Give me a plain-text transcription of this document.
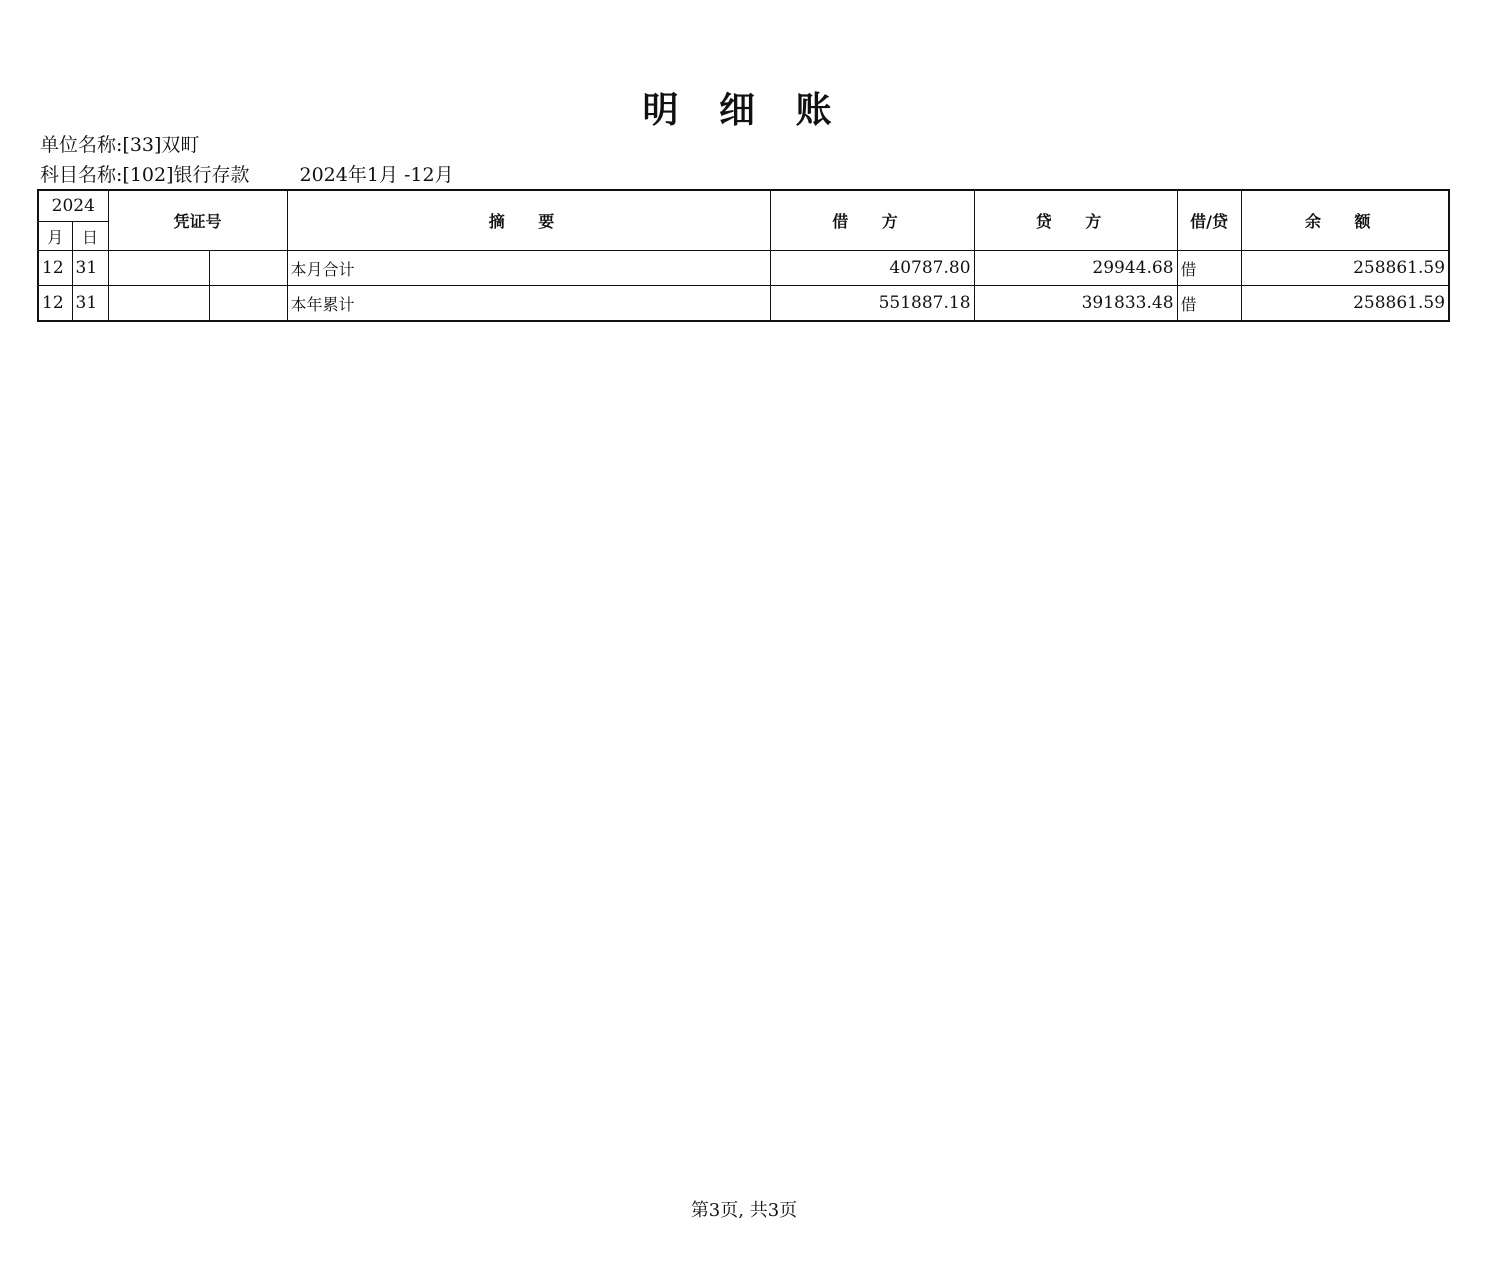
明 细 账
单位名称:[33]双町
科目名称:[102]银行存款	2024年1月 -12月
2024		凭证号		摘 要	借 方	贷 方	借/贷	余 额
月	日							
12	31			本月合计	40787.80	29944.68	借	258861.59
12	31			本年累计	551887.18	391833.48	借	258861.59
第3页, 共3页
